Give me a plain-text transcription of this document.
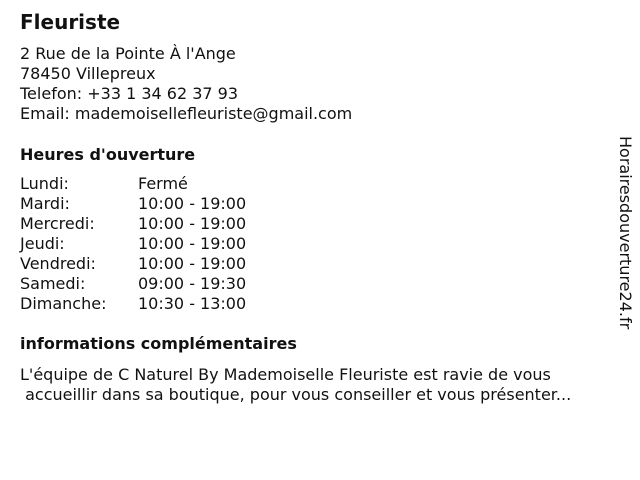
Fleuriste
2 Rue de la Pointe À l'Ange
78450 Villepreux
Telefon: +33 1 34 62 37 93
Email: mademoisellefleuriste@gmail.com
Heures d'ouverture
Lundi:	Fermé
Mardi:	10:00 - 19:00
Mercredi:	10:00 - 19:00
Jeudi:	10:00 - 19:00
Vendredi:	10:00 - 19:00
Samedi:	09:00 - 19:30
Dimanche:	10:30 - 13:00
informations complémentaires
L'équipe de C Naturel By Mademoiselle Fleuriste est ravie de vous
accueillir dans sa boutique, pour vous conseiller et vous présenter...
Horairesdouverture24.fr
